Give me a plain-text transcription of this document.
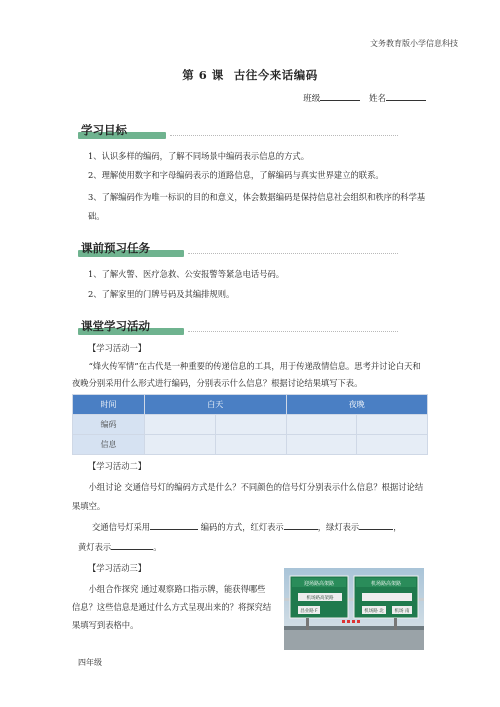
文务教育版小学信息科技
第 6 课 古往今来话编码
班级	姓名
学习目标
1、认识多样的编码，了解不同场景中编码表示信息的方式。
2、理解使用数字和字母编码表示的道路信息，了解编码与真实世界建立的联系。
3、了解编码作为唯一标识的目的和意义，体会数据编码是保持信息社会组织和秩序的科学基础。
课前预习任务
1、了解火警、医疗急救、公安报警等紧急电话号码。
2、了解家里的门牌号码及其编排规则。
课堂学习活动
【学习活动一】
“烽火传军情”在古代是一种重要的传递信息的工具，用于传递敌情信息。思考并讨论白天和夜晚分别采用什么形式进行编码，分别表示什么信息？根据讨论结果填写下表。
时间	白天		夜晚	
编码				
信息				
【学习活动二】
小组讨论 交通信号灯的编码方式是什么？不同颜色的信号灯分别表示什么信息？根据讨论结果填空。
交通信号灯采用	编码的方式，红灯表示	，绿灯表示	，
黄灯表示	。
【学习活动三】
小组合作探究 通过观察路口指示牌，能获得哪些信息？这些信息是通过什么方式呈现出来的？将探究结果填写到表格中。
迎场路高架路	机场路高架路
机场路高架路
昌业路 F	机场路 北 机场 南
四年级
